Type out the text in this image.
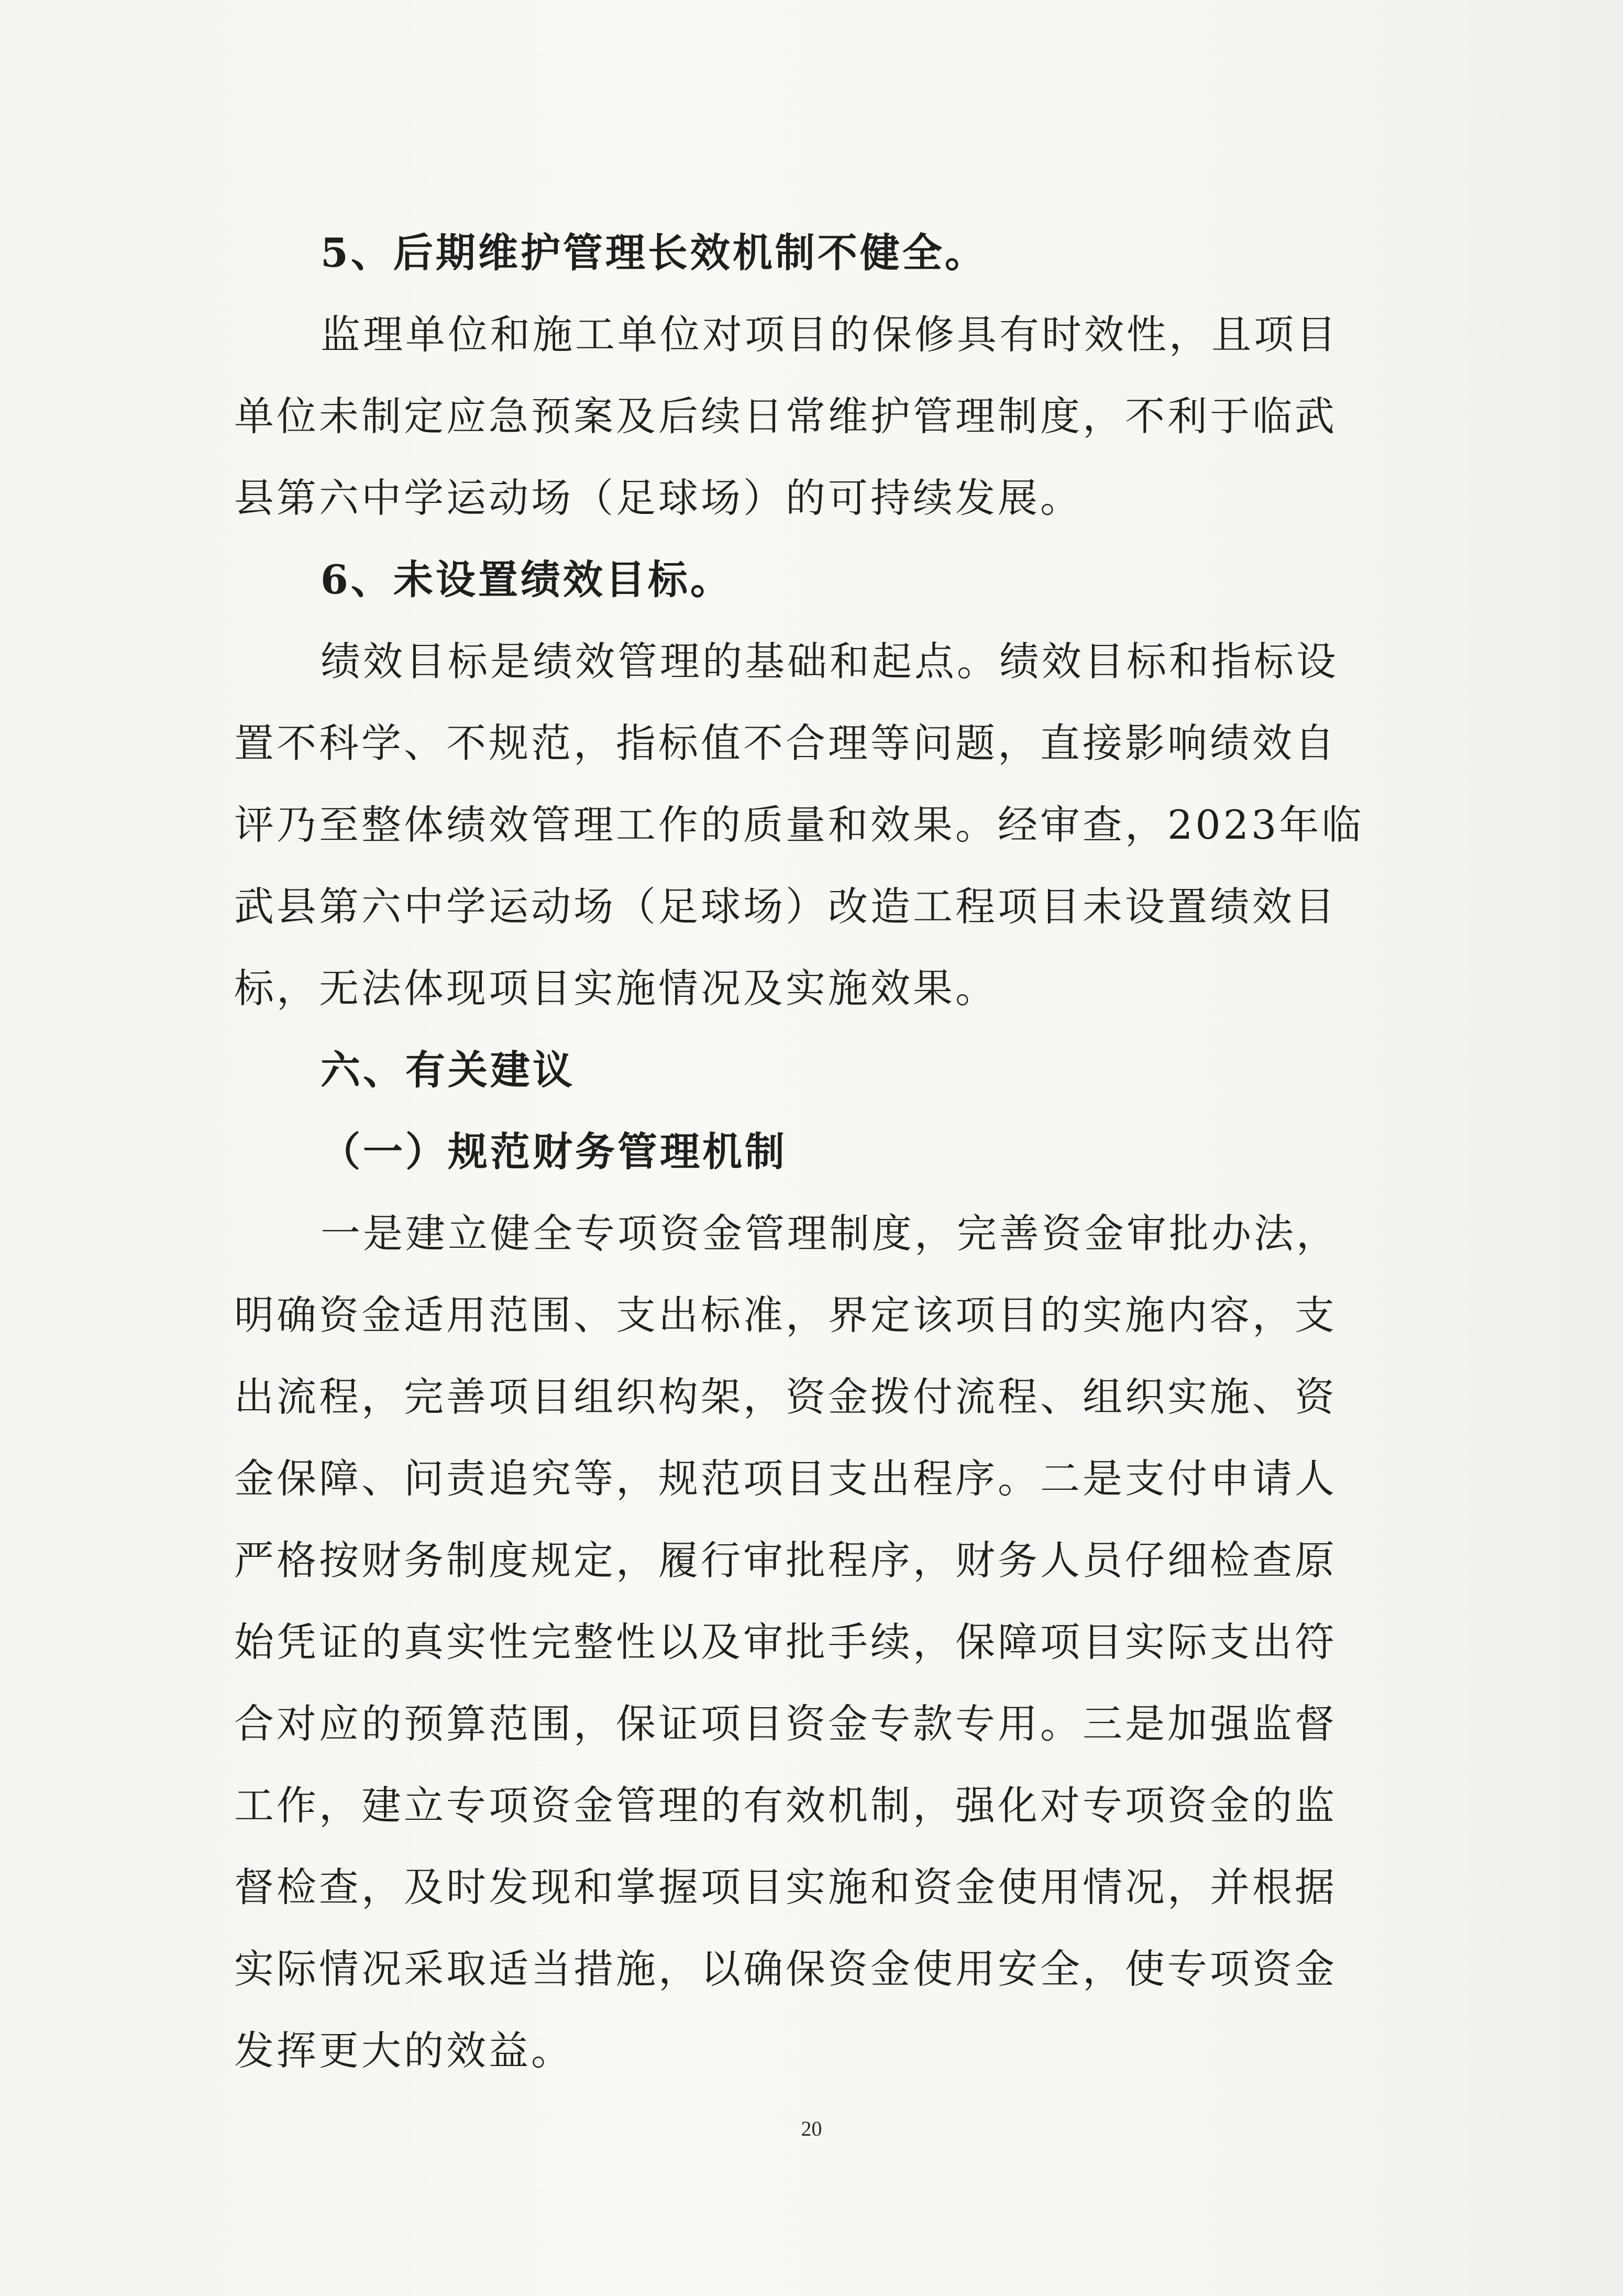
5、后期维护管理长效机制不健全。
监理单位和施工单位对项目的保修具有时效性，且项目
单位未制定应急预案及后续日常维护管理制度，不利于临武
县第六中学运动场（足球场）的可持续发展。
6、未设置绩效目标。
绩效目标是绩效管理的基础和起点。绩效目标和指标设
置不科学、不规范，指标值不合理等问题，直接影响绩效自
评乃至整体绩效管理工作的质量和效果。经审查，2023年临
武县第六中学运动场（足球场）改造工程项目未设置绩效目
标，无法体现项目实施情况及实施效果。
六、有关建议
（一）规范财务管理机制
一是建立健全专项资金管理制度，完善资金审批办法，
明确资金适用范围、支出标准，界定该项目的实施内容，支
出流程，完善项目组织构架，资金拨付流程、组织实施、资
金保障、问责追究等，规范项目支出程序。二是支付申请人
严格按财务制度规定，履行审批程序，财务人员仔细检查原
始凭证的真实性完整性以及审批手续，保障项目实际支出符
合对应的预算范围，保证项目资金专款专用。三是加强监督
工作，建立专项资金管理的有效机制，强化对专项资金的监
督检查，及时发现和掌握项目实施和资金使用情况，并根据
实际情况采取适当措施，以确保资金使用安全，使专项资金
发挥更大的效益。
20
